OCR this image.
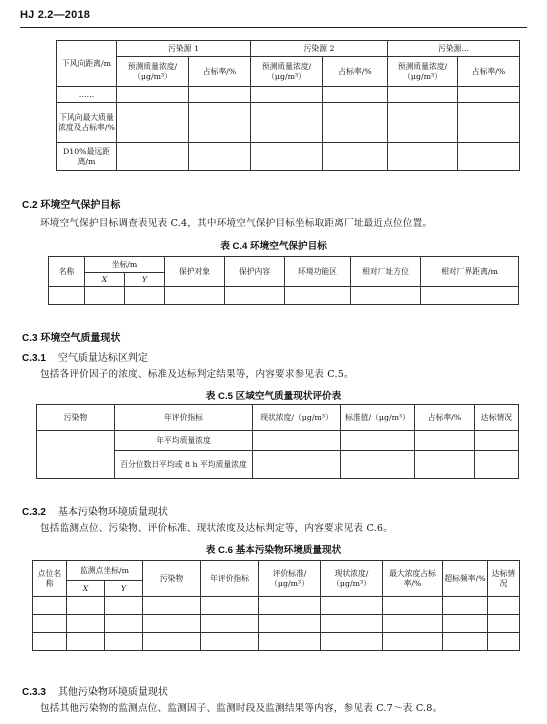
HJ 2.2—2018
下风向距离/m	污染源 1		污染源 2		污染源...	
	预测质量浓度/（μg/m³）	占标率/%	预测质量浓度/（μg/m³）	占标率/%	预测质量浓度/（μg/m³）	占标率/%
……						
下风向最大质量浓度及占标率/%						
D10%最远距离/m						
C.2 环境空气保护目标
环境空气保护目标调查表见表 C.4，其中环境空气保护目标坐标取距离厂址最近点位位置。
表 C.4 环境空气保护目标
名称	坐标/m		保护对象	保护内容	环境功能区	相对厂址方位	相对厂界距离/m
	X	Y					

C.3 环境空气质量现状
C.3.1 空气质量达标区判定
包括各评价因子的浓度、标准及达标判定结果等，内容要求参见表 C.5。
表 C.5 区域空气质量现状评价表
污染物	年评价指标	现状浓度/（μg/m³）	标准值/（μg/m³）	占标率/%	达标情况
	年平均质量浓度				
	百分位数日平均或 8 h 平均质量浓度				
C.3.2 基本污染物环境质量现状
包括监测点位、污染物、评价标准、现状浓度及达标判定等，内容要求见表 C.6。
表 C.6 基本污染物环境质量现状
点位名称	监测点坐标/m		污染物	年评价指标	评价标准/（μg/m³）	现状浓度/（μg/m³）	最大浓度占标率/%	超标频率/%	达标情况
	X	Y							

C.3.3 其他污染物环境质量现状
包括其他污染物的监测点位、监测因子、监测时段及监测结果等内容，参见表 C.7～表 C.8。
